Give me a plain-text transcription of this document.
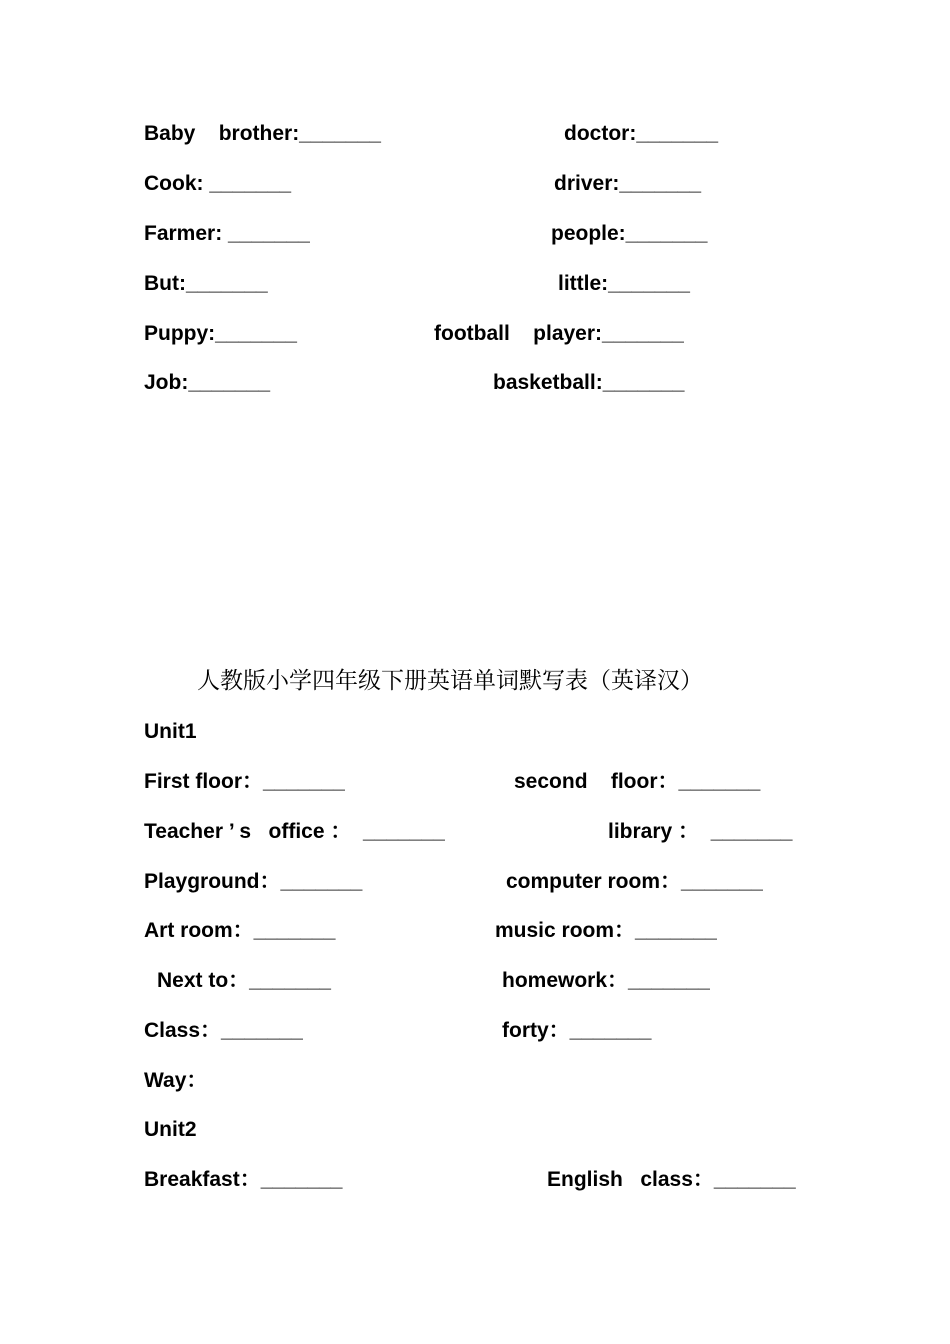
Baby    brother:_______	doctor:_______
Cook: _______	driver:_______
Farmer: _______	people:_______
But:_______	little:_______
Puppy:_______	football    player:_______
Job:_______	basketball:_______
人教版小学四年级下册英语单词默写表（英译汉）
Unit1
First floor：_______	second    floor：_______
Teacher ’ s   office ：  _______	library ：  _______
Playground：_______	computer room：_______
Art room：_______	music room：_______
Next to：_______	homework：_______
Class：_______	forty：_______
Way：
Unit2
Breakfast：_______	English   class：_______
